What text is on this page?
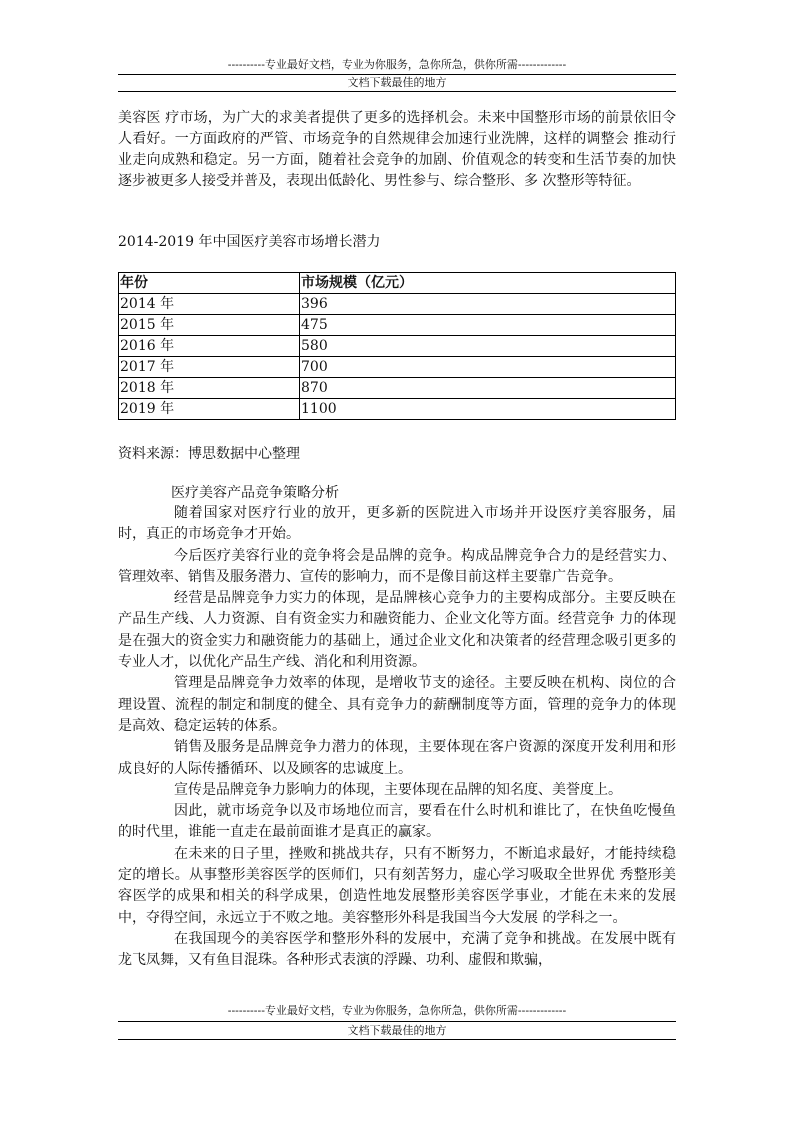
----------专业最好文档，专业为你服务，急你所急，供你所需-------------
文档下载最佳的地方

美容医 疗市场，为广大的求美者提供了更多的选择机会。未来中国整形市场的前景依旧令人看好。一方面政府的严管、市场竞争的自然规律会加速行业洗牌，这样的调整会 推动行业走向成熟和稳定。另一方面，随着社会竞争的加剧、价值观念的转变和生活节奏的加快逐步被更多人接受并普及，表现出低龄化、男性参与、综合整形、多 次整形等特征。

2014-2019 年中国医疗美容市场增长潜力

年份	市场规模（亿元）
2014 年	396
2015 年	475
2016 年	580
2017 年	700
2018 年	870
2019 年	1100

资料来源：博思数据中心整理

医疗美容产品竞争策略分析

随着国家对医疗行业的放开，更多新的医院进入市场并开设医疗美容服务，届时，真正的市场竞争才开始。

今后医疗美容行业的竞争将会是品牌的竞争。构成品牌竞争合力的是经营实力、管理效率、销售及服务潜力、宣传的影响力，而不是像目前这样主要靠广告竞争。

经营是品牌竞争力实力的体现，是品牌核心竞争力的主要构成部分。主要反映在产品生产线、人力资源、自有资金实力和融资能力、企业文化等方面。经营竞争 力的体现是在强大的资金实力和融资能力的基础上，通过企业文化和决策者的经营理念吸引更多的专业人才，以优化产品生产线、消化和利用资源。

管理是品牌竞争力效率的体现，是增收节支的途径。主要反映在机构、岗位的合理设置、流程的制定和制度的健全、具有竞争力的薪酬制度等方面，管理的竞争力的体现是高效、稳定运转的体系。

销售及服务是品牌竞争力潜力的体现，主要体现在客户资源的深度开发利用和形成良好的人际传播循环、以及顾客的忠诚度上。

宣传是品牌竞争力影响力的体现，主要体现在品牌的知名度、美誉度上。

因此，就市场竞争以及市场地位而言，要看在什么时机和谁比了，在快鱼吃慢鱼的时代里，谁能一直走在最前面谁才是真正的赢家。

在未来的日子里，挫败和挑战共存，只有不断努力，不断追求最好，才能持续稳定的增长。从事整形美容医学的医师们，只有刻苦努力，虚心学习吸取全世界优 秀整形美容医学的成果和相关的科学成果，创造性地发展整形美容医学事业，才能在未来的发展中，夺得空间，永远立于不败之地。美容整形外科是我国当今大发展 的学科之一。

在我国现今的美容医学和整形外科的发展中，充满了竞争和挑战。在发展中既有龙飞凤舞，又有鱼目混珠。各种形式表演的浮躁、功利、虚假和欺骗，

----------专业最好文档，专业为你服务，急你所急，供你所需-------------
文档下载最佳的地方
